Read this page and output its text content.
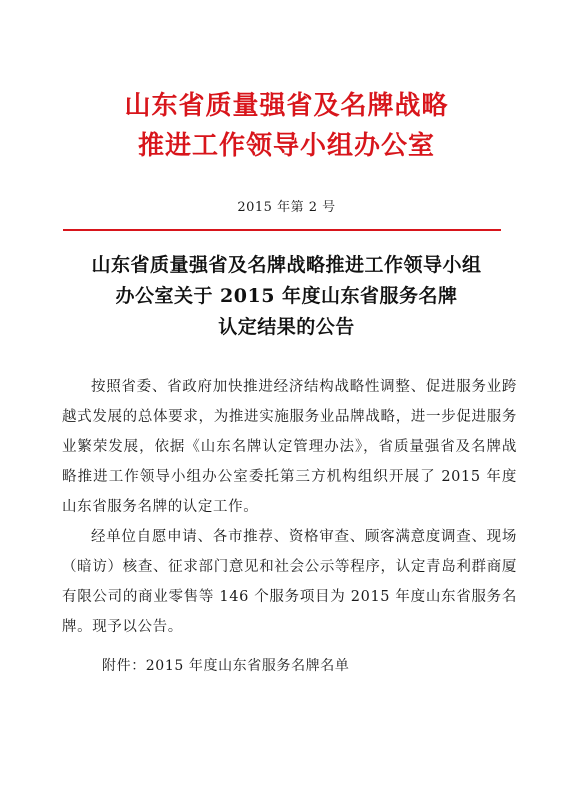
山东省质量强省及名牌战略
推进工作领导小组办公室
2015 年第 2 号
山东省质量强省及名牌战略推进工作领导小组
办公室关于 2015 年度山东省服务名牌
认定结果的公告

按照省委、省政府加快推进经济结构战略性调整、促进服务业跨越式发展的总体要求，为推进实施服务业品牌战略，进一步促进服务业繁荣发展，依据《山东名牌认定管理办法》，省质量强省及名牌战略推进工作领导小组办公室委托第三方机构组织开展了 2015 年度山东省服务名牌的认定工作。

经单位自愿申请、各市推荐、资格审查、顾客满意度调查、现场（暗访）核查、征求部门意见和社会公示等程序，认定青岛利群商厦有限公司的商业零售等 146 个服务项目为 2015 年度山东省服务名牌。现予以公告。

附件：2015 年度山东省服务名牌名单
